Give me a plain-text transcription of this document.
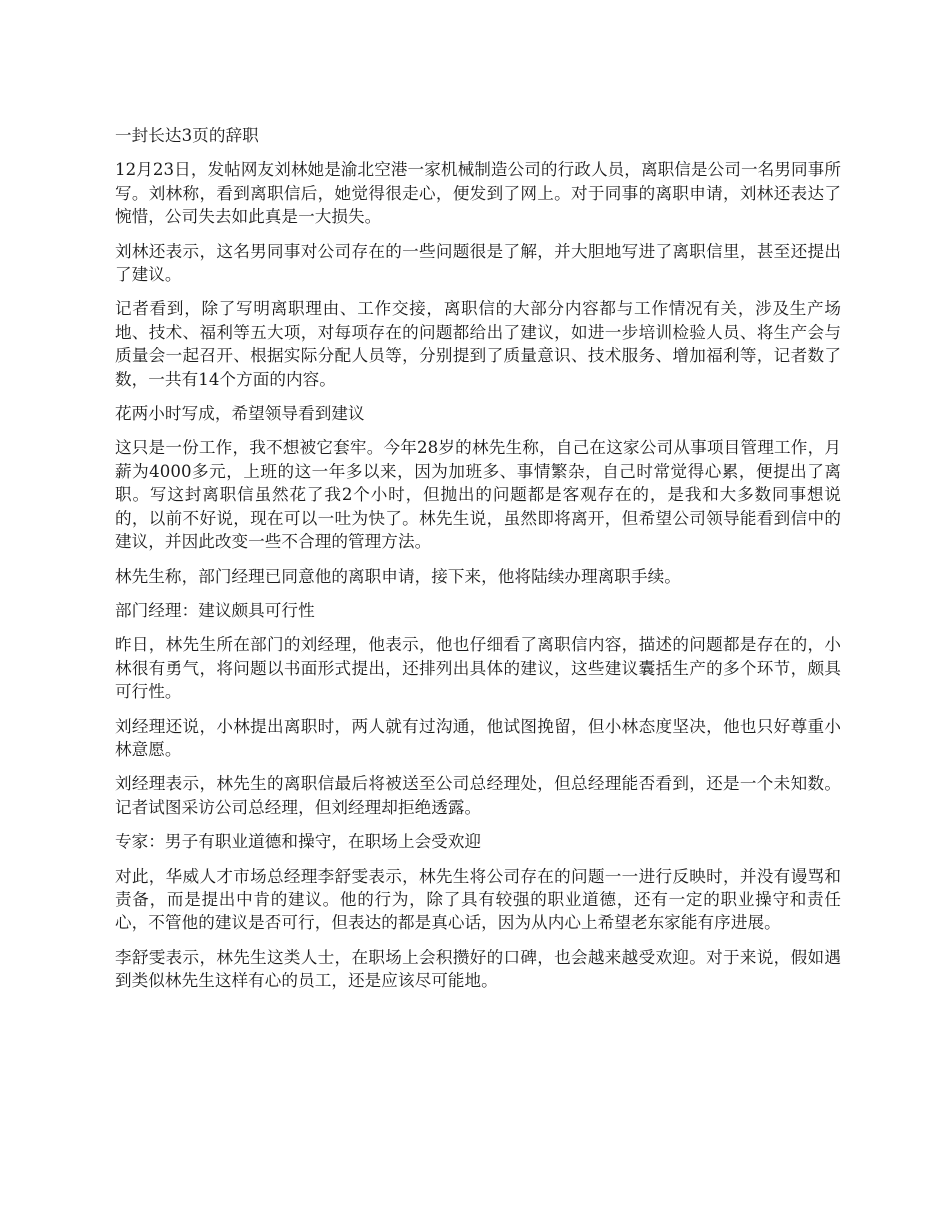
一封长达3页的辞职

12月23日，发帖网友刘林她是渝北空港一家机械制造公司的行政人员，离职信是公司一名男同事所写。刘林称，看到离职信后，她觉得很走心，便发到了网上。对于同事的离职申请，刘林还表达了惋惜，公司失去如此真是一大损失。

刘林还表示，这名男同事对公司存在的一些问题很是了解，并大胆地写进了离职信里，甚至还提出了建议。

记者看到，除了写明离职理由、工作交接，离职信的大部分内容都与工作情况有关，涉及生产场地、技术、福利等五大项，对每项存在的问题都给出了建议，如进一步培训检验人员、将生产会与质量会一起召开、根据实际分配人员等，分别提到了质量意识、技术服务、增加福利等，记者数了数，一共有14个方面的内容。

花两小时写成，希望领导看到建议

这只是一份工作，我不想被它套牢。今年28岁的林先生称，自己在这家公司从事项目管理工作，月薪为4000多元，上班的这一年多以来，因为加班多、事情繁杂，自己时常觉得心累，便提出了离职。写这封离职信虽然花了我2个小时，但抛出的问题都是客观存在的，是我和大多数同事想说的，以前不好说，现在可以一吐为快了。林先生说，虽然即将离开，但希望公司领导能看到信中的建议，并因此改变一些不合理的管理方法。

林先生称，部门经理已同意他的离职申请，接下来，他将陆续办理离职手续。

部门经理：建议颇具可行性

昨日，林先生所在部门的刘经理，他表示，他也仔细看了离职信内容，描述的问题都是存在的，小林很有勇气，将问题以书面形式提出，还排列出具体的建议，这些建议囊括生产的多个环节，颇具可行性。

刘经理还说，小林提出离职时，两人就有过沟通，他试图挽留，但小林态度坚决，他也只好尊重小林意愿。

刘经理表示，林先生的离职信最后将被送至公司总经理处，但总经理能否看到，还是一个未知数。记者试图采访公司总经理，但刘经理却拒绝透露。

专家：男子有职业道德和操守，在职场上会受欢迎

对此，华威人才市场总经理李舒雯表示，林先生将公司存在的问题一一进行反映时，并没有谩骂和责备，而是提出中肯的建议。他的行为，除了具有较强的职业道德，还有一定的职业操守和责任心，不管他的建议是否可行，但表达的都是真心话，因为从内心上希望老东家能有序进展。

李舒雯表示，林先生这类人士，在职场上会积攒好的口碑，也会越来越受欢迎。对于来说，假如遇到类似林先生这样有心的员工，还是应该尽可能地。
